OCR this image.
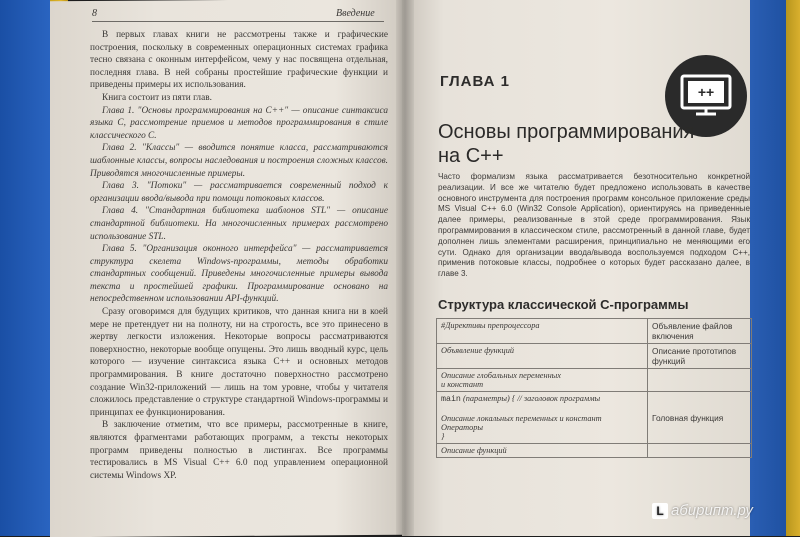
8	Введение

В первых главах книги не рассмотрены также и графические построения, поскольку в современных операционных системах графика тесно связана с оконным интерфейсом, чему у нас посвящена отдельная, последняя глава. В ней собраны простейшие графические функции и приведены примеры их использования.

Книга состоит из пяти глав.

Глава 1. "Основы программирования на C++" — описание синтаксиса языка С, рассмотрение приемов и методов программирования в стиле классического С.

Глава 2. "Классы" — вводится понятие класса, рассматриваются шаблонные классы, вопросы наследования и построения сложных классов. Приводятся многочисленные примеры.

Глава 3. "Потоки" — рассматривается современный подход к организации ввода/вывода при помощи потоковых классов.

Глава 4. "Стандартная библиотека шаблонов STL" — описание стандартной библиотеки. На многочисленных примерах рассмотрено использование STL.

Глава 5. "Организация оконного интерфейса" — рассматривается структура скелета Windows-программы, методы обработки стандартных сообщений. Приведены многочисленные примеры вывода текста и простейшей графики. Программирование основано на непосредственном использовании API-функций.

Сразу оговоримся для будущих критиков, что данная книга ни в коей мере не претендует ни на полноту, ни на строгость, все это принесено в жертву легкости изложения. Некоторые вопросы рассматриваются поверхностно, некоторые вообще опущены. Это лишь вводный курс, цель которого — изучение синтаксиса языка C++ и основных методов программирования. В книге достаточно поверхностно рассмотрено создание Win32-приложений — лишь на том уровне, чтобы у читателя сложилось представление о структуре стандартной Windows-программы и принципах ее функционирования.

В заключение отметим, что все примеры, рассмотренные в книге, являются фрагментами работающих программ, а тексты некоторых программ приведены полностью в листингах. Все программы тестировались в MS Visual C++ 6.0 под управлением операционной системы Windows XP.

ГЛАВА 1
++
Основы программирования
на C++
Часто формализм языка рассматривается безотносительно конкретной реализации. И все же читателю будет предложено использовать в качестве основного инструмента для построения программ консольное приложение среды MS Visual C++ 6.0 (Win32 Console Application), ориентируясь на приведенные далее примеры, реализованные в этой среде программирования. Язык программирования в классическом стиле, рассмотренный в данной главе, будет дополнен лишь элементами расширения, принципиально не меняющими его сути. Однако для организации ввода/вывода воспользуемся подходом C++, применив потоковые классы, подробнее о которых будет рассказано далее, в главе 3.
Структура классической С-программы
#Директивы препроцессора	Объявление файлов включения
Объявление функций	Описание прототипов функций

Описание глобальных переменных
и констант	

main (параметры) { // заголовок программы
Описание локальных переменных и констант
Операторы
}	Головная функция
Описание функций	
L абирипт.ру
